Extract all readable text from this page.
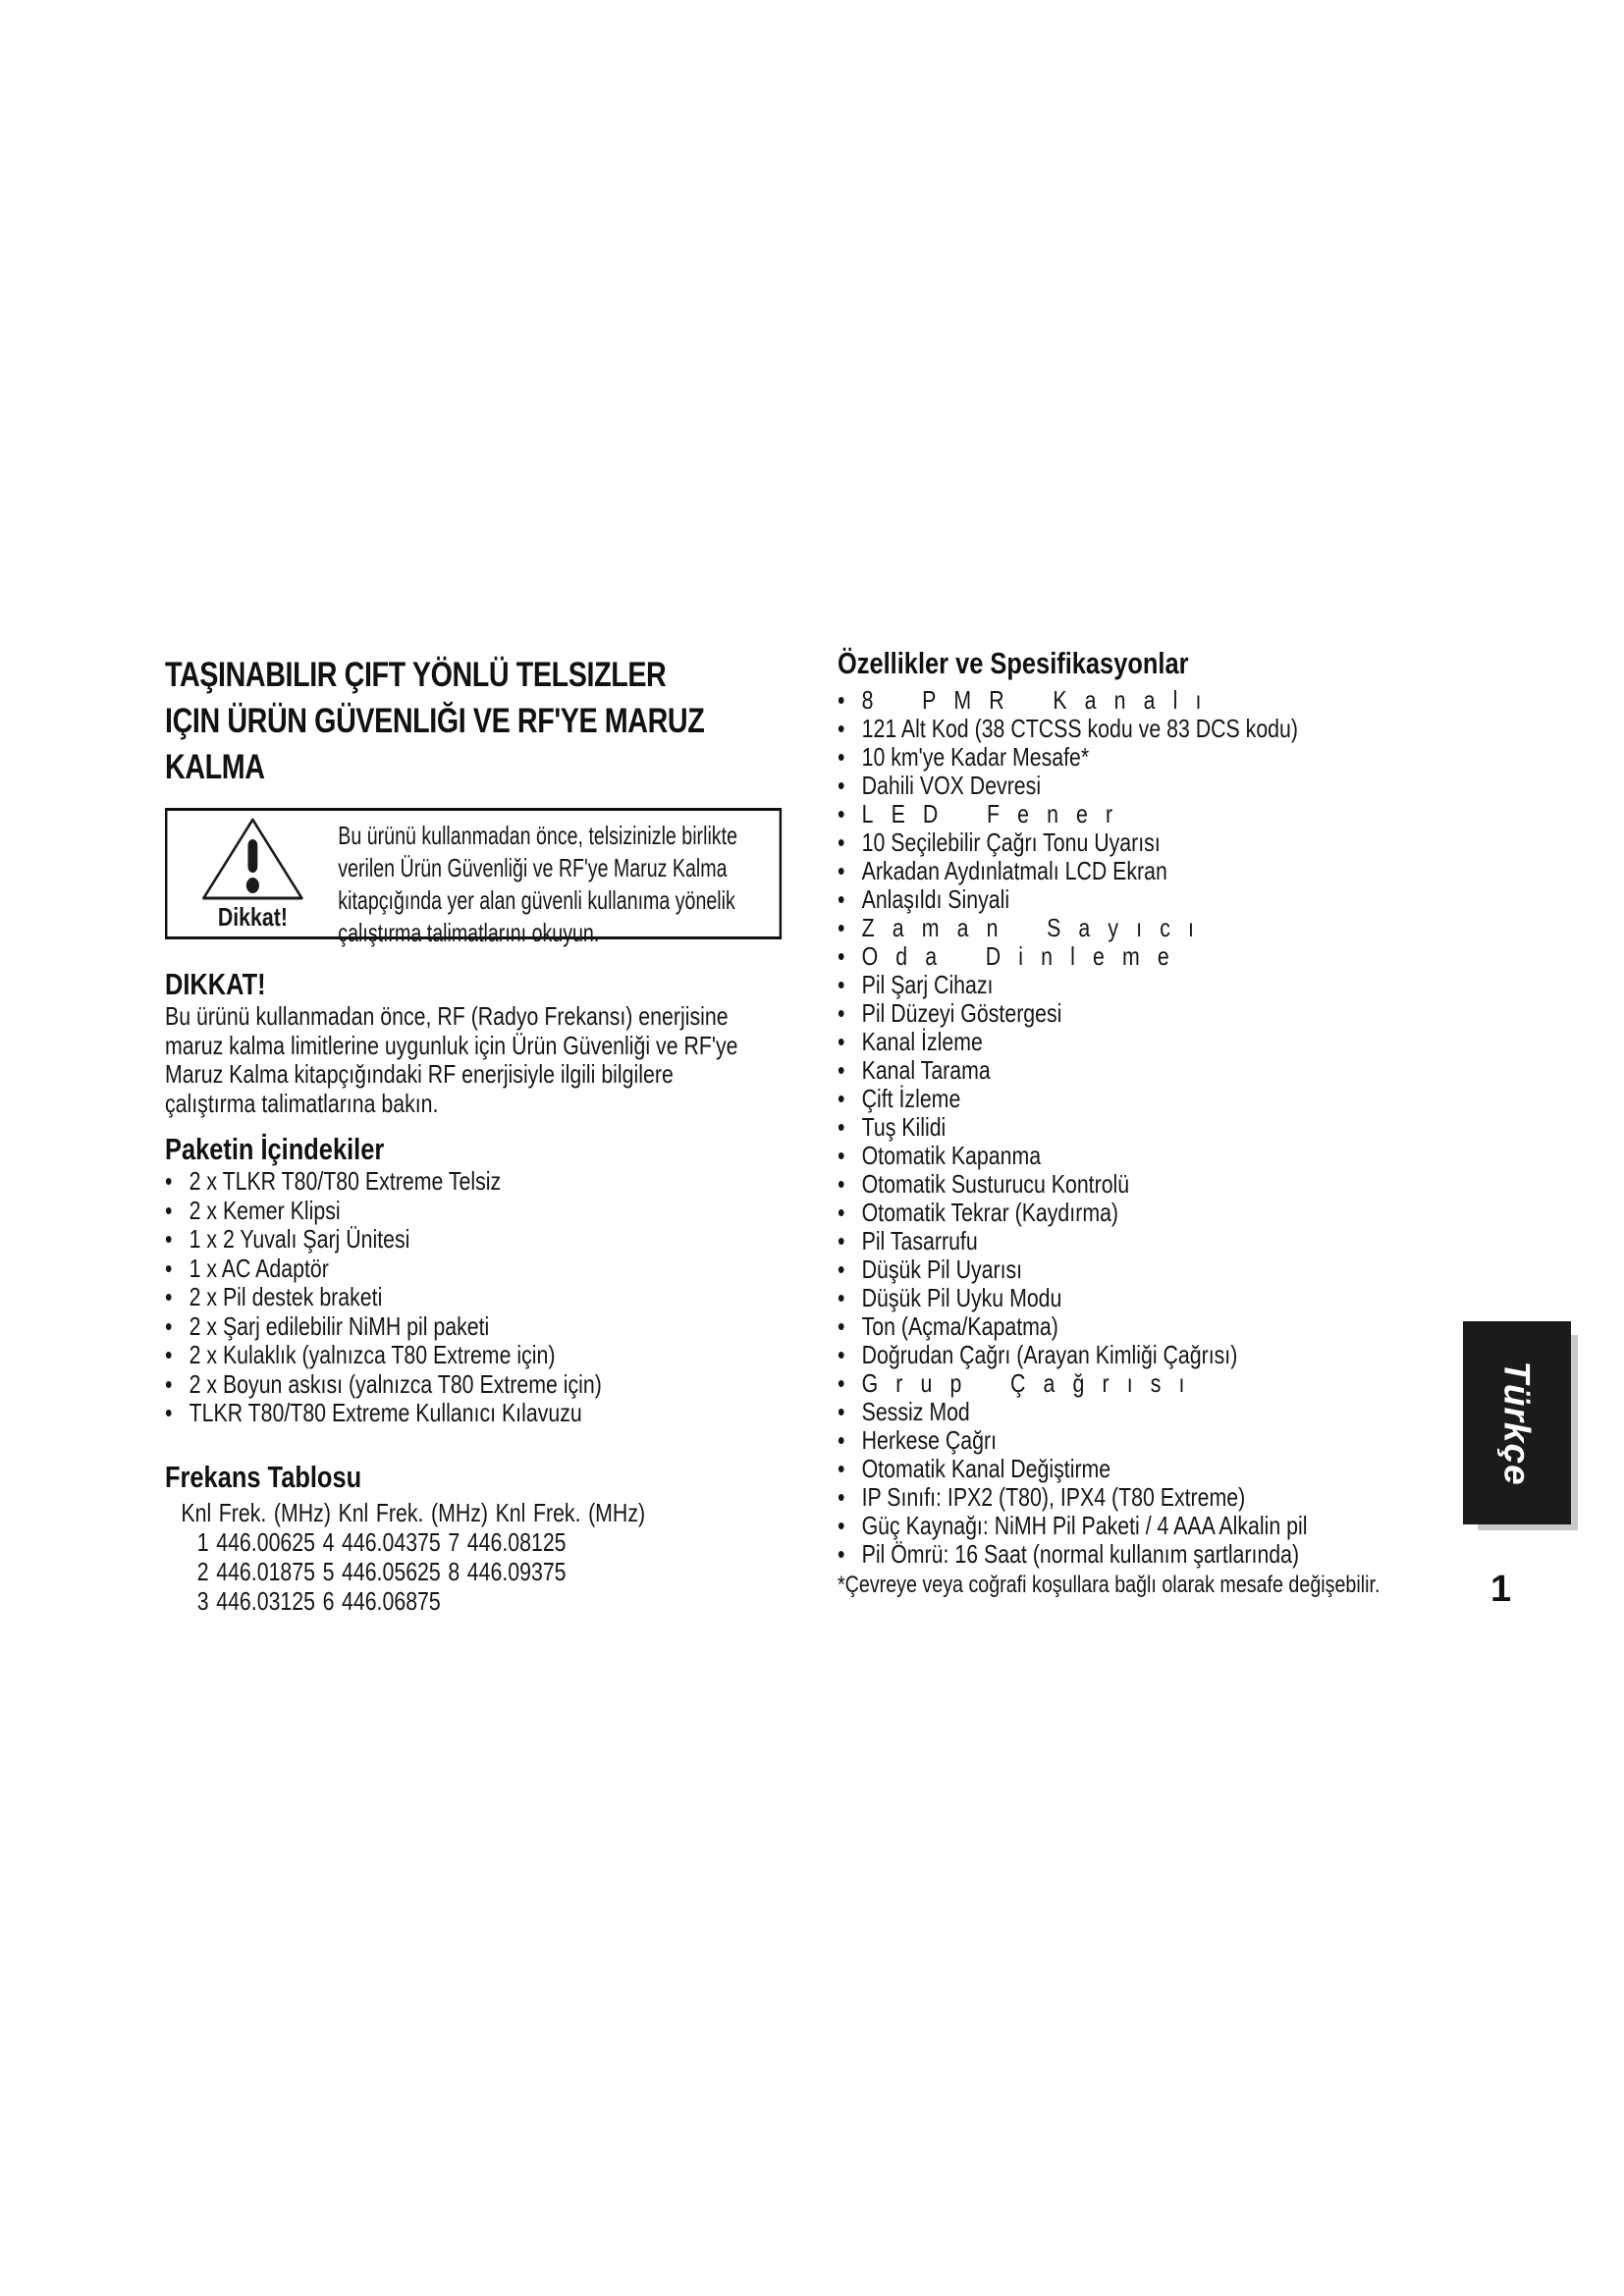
TAŞINABILIR ÇIFT YÖNLÜ TELSIZLER
IÇIN ÜRÜN GÜVENLIĞI VE RF'YE MARUZ
KALMA
Dikkat!
Bu ürünü kullanmadan önce, telsizinizle birlikte
verilen Ürün Güvenliği ve RF'ye Maruz Kalma
kitapçığında yer alan güvenli kullanıma yönelik
çalıştırma talimatlarını okuyun.
DIKKAT!
Bu ürünü kullanmadan önce, RF (Radyo Frekansı) enerjisine
maruz kalma limitlerine uygunluk için Ürün Güvenliği ve RF'ye
Maruz Kalma kitapçığındaki RF enerjisiyle ilgili bilgilere
çalıştırma talimatlarına bakın.
Paketin İçindekiler
• 2 x TLKR T80/T80 Extreme Telsiz
• 2 x Kemer Klipsi
• 1 x 2 Yuvalı Şarj Ünitesi
• 1 x AC Adaptör
• 2 x Pil destek braketi
• 2 x Şarj edilebilir NiMH pil paketi
• 2 x Kulaklık (yalnızca T80 Extreme için)
• 2 x Boyun askısı (yalnızca T80 Extreme için)
• TLKR T80/T80 Extreme Kullanıcı Kılavuzu
Frekans Tablosu
Knl Frek. (MHz) Knl Frek. (MHz) Knl Frek. (MHz)
1 446.00625 4 446.04375 7 446.08125
2 446.01875 5 446.05625 8 446.09375
3 446.03125 6 446.06875
Özellikler ve Spesifikasyonlar
• 8 PMR Kanalı
• 121 Alt Kod (38 CTCSS kodu ve 83 DCS kodu)
• 10 km'ye Kadar Mesafe*
• Dahili VOX Devresi
• LED Fener
• 10 Seçilebilir Çağrı Tonu Uyarısı
• Arkadan Aydınlatmalı LCD Ekran
• Anlaşıldı Sinyali
• Zaman Sayıcı
• Oda Dinleme
• Pil Şarj Cihazı
• Pil Düzeyi Göstergesi
• Kanal İzleme
• Kanal Tarama
• Çift İzleme
• Tuş Kilidi
• Otomatik Kapanma
• Otomatik Susturucu Kontrolü
• Otomatik Tekrar (Kaydırma)
• Pil Tasarrufu
• Düşük Pil Uyarısı
• Düşük Pil Uyku Modu
• Ton (Açma/Kapatma)
• Doğrudan Çağrı (Arayan Kimliği Çağrısı)
• Grup Çağrısı
• Sessiz Mod
• Herkese Çağrı
• Otomatik Kanal Değiştirme
• IP Sınıfı: IPX2 (T80), IPX4 (T80 Extreme)
• Güç Kaynağı: NiMH Pil Paketi / 4 AAA Alkalin pil
• Pil Ömrü: 16 Saat (normal kullanım şartlarında)
*Çevreye veya coğrafi koşullara bağlı olarak mesafe değişebilir.
Türkçe
1
